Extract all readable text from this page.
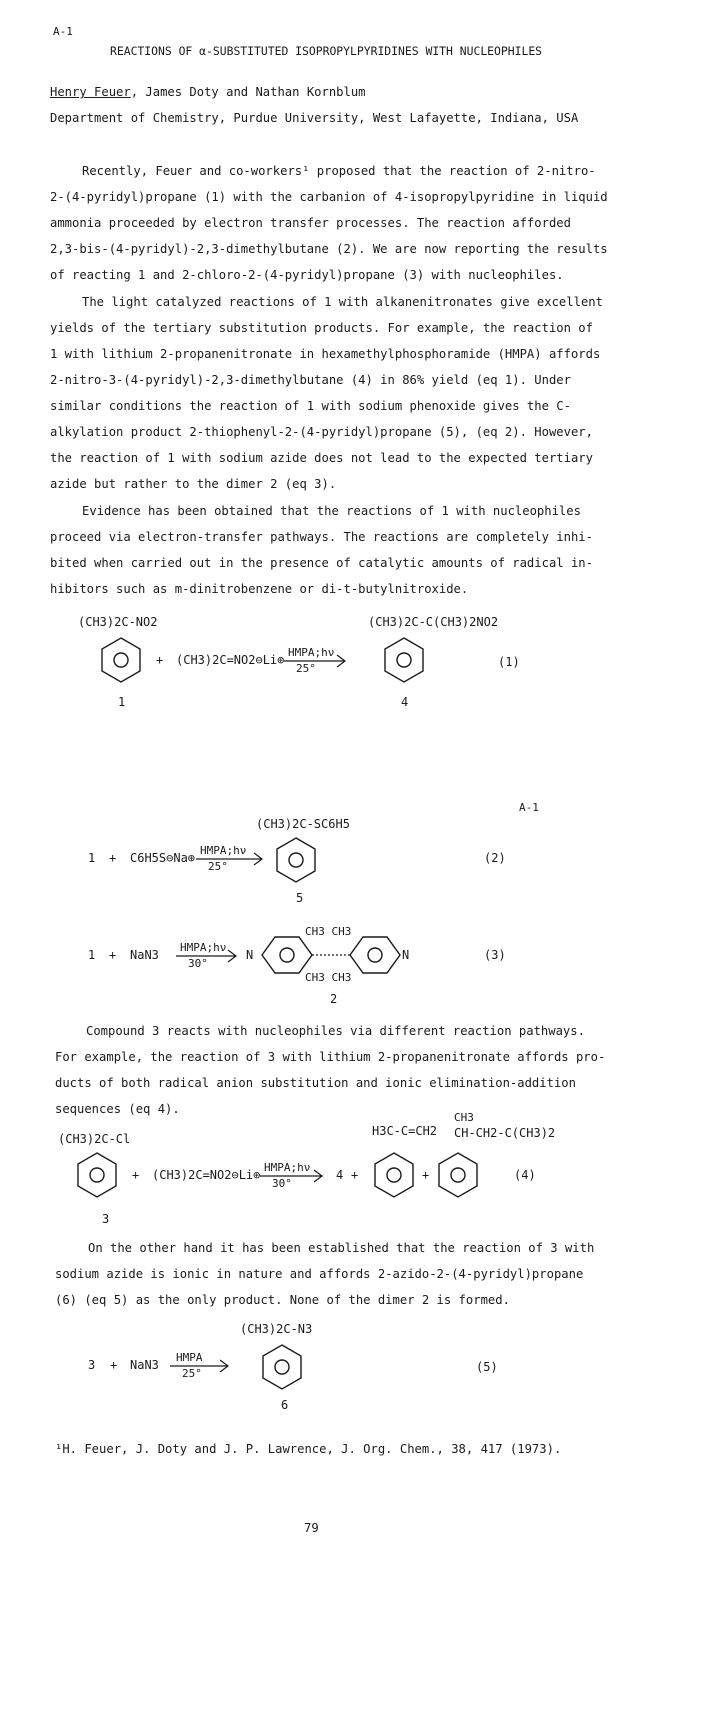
A-1
REACTIONS OF α-SUBSTITUTED ISOPROPYLPYRIDINES WITH NUCLEOPHILES
Henry Feuer, James Doty and Nathan Kornblum
Department of Chemistry, Purdue University, West Lafayette, Indiana, USA
Recently, Feuer and co-workers¹ proposed that the reaction of 2-nitro-
2-(4-pyridyl)propane (1) with the carbanion of 4-isopropylpyridine in liquid
ammonia proceeded by electron transfer processes. The reaction afforded
2,3-bis-(4-pyridyl)-2,3-dimethylbutane (2). We are now reporting the results
of reacting 1 and 2-chloro-2-(4-pyridyl)propane (3) with nucleophiles.
The light catalyzed reactions of 1 with alkanenitronates give excellent
yields of the tertiary substitution products. For example, the reaction of
1 with lithium 2-propanenitronate in hexamethylphosphoramide (HMPA) affords
2-nitro-3-(4-pyridyl)-2,3-dimethylbutane (4) in 86% yield (eq 1). Under
similar conditions the reaction of 1 with sodium phenoxide gives the C-
alkylation product 2-thiophenyl-2-(4-pyridyl)propane (5), (eq 2). However,
the reaction of 1 with sodium azide does not lead to the expected tertiary
azide but rather to the dimer 2 (eq 3).
Evidence has been obtained that the reactions of 1 with nucleophiles
proceed via electron-transfer pathways. The reactions are completely inhi-
bited when carried out in the presence of catalytic amounts of radical in-
hibitors such as m-dinitrobenzene or di-t-butylnitroxide.
(CH3)2C-NO2
+ (CH3)2C=NO2⊖Li⊕
HMPA;hν
25°
(CH3)2C-C(CH3)2NO2
1	4
(1)
A-1
1 + C6H5S⊖Na⊕
HMPA;hν
25°
(CH3)2C-SC6H5
5
(2)
1 + NaN3
HMPA;hν
30°
N
CH3 CH3
CH3 CH3
N
2
(3)
Compound 3 reacts with nucleophiles via different reaction pathways.
For example, the reaction of 3 with lithium 2-propanenitronate affords pro-
ducts of both radical anion substitution and ionic elimination-addition
sequences (eq 4).
(CH3)2C-Cl
3
+ (CH3)2C=NO2⊖Li⊕
HMPA;hν
30°
4 +
H3C-C=CH2
+
CH3
CH-CH2-C(CH3)2
(4)
On the other hand it has been established that the reaction of 3 with
sodium azide is ionic in nature and affords 2-azido-2-(4-pyridyl)propane
(6) (eq 5) as the only product. None of the dimer 2 is formed.
3 + NaN3
HMPA
25°
(CH3)2C-N3
6
(5)
¹H. Feuer, J. Doty and J. P. Lawrence, J. Org. Chem., 38, 417 (1973).
79
